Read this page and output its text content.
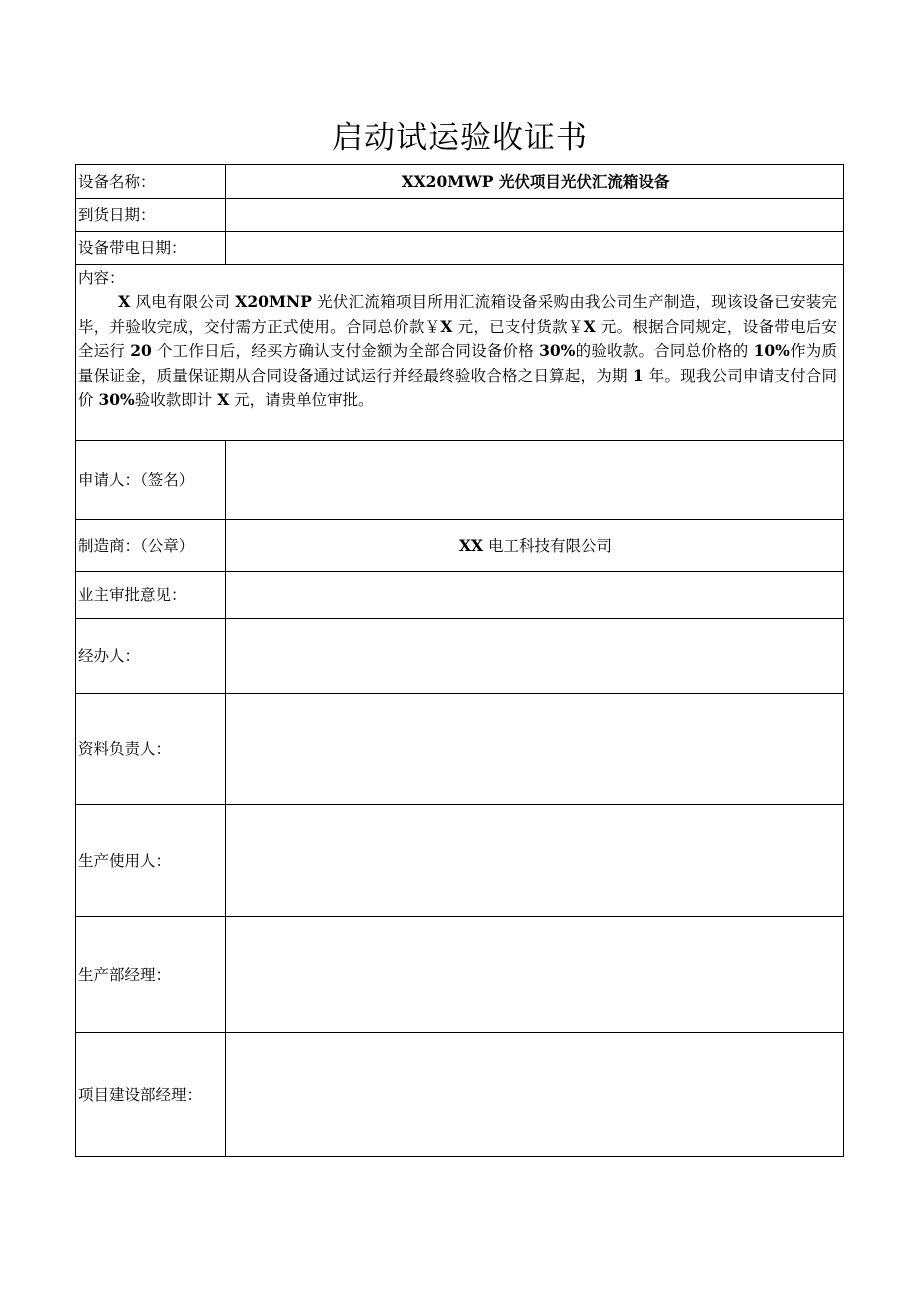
启动试运验收证书
设备名称：	XX20MWP 光伏项目光伏汇流箱设备
到货日期：	
设备带电日期：	

内容：
X 风电有限公司 X20MNP 光伏汇流箱项目所用汇流箱设备采购由我公司生产制造，现该设备已安装完毕，并验收完成，交付需方正式使用。合同总价款￥X 元，已支付货款￥X 元。根据合同规定，设备带电后安全运行 20 个工作日后，经买方确认支付金额为全部合同设备价格 30%的验收款。合同总价格的 10%作为质量保证金，质量保证期从合同设备通过试运行并经最终验收合格之日算起，为期 1 年。现我公司申请支付合同价 30%验收款即计 X 元，请贵单位审批。	

申请人：（签名）	
制造商：（公章）	XX 电工科技有限公司
业主审批意见：	
经办人：	
资料负责人：	
生产使用人：	
生产部经理：	
项目建设部经理：	
